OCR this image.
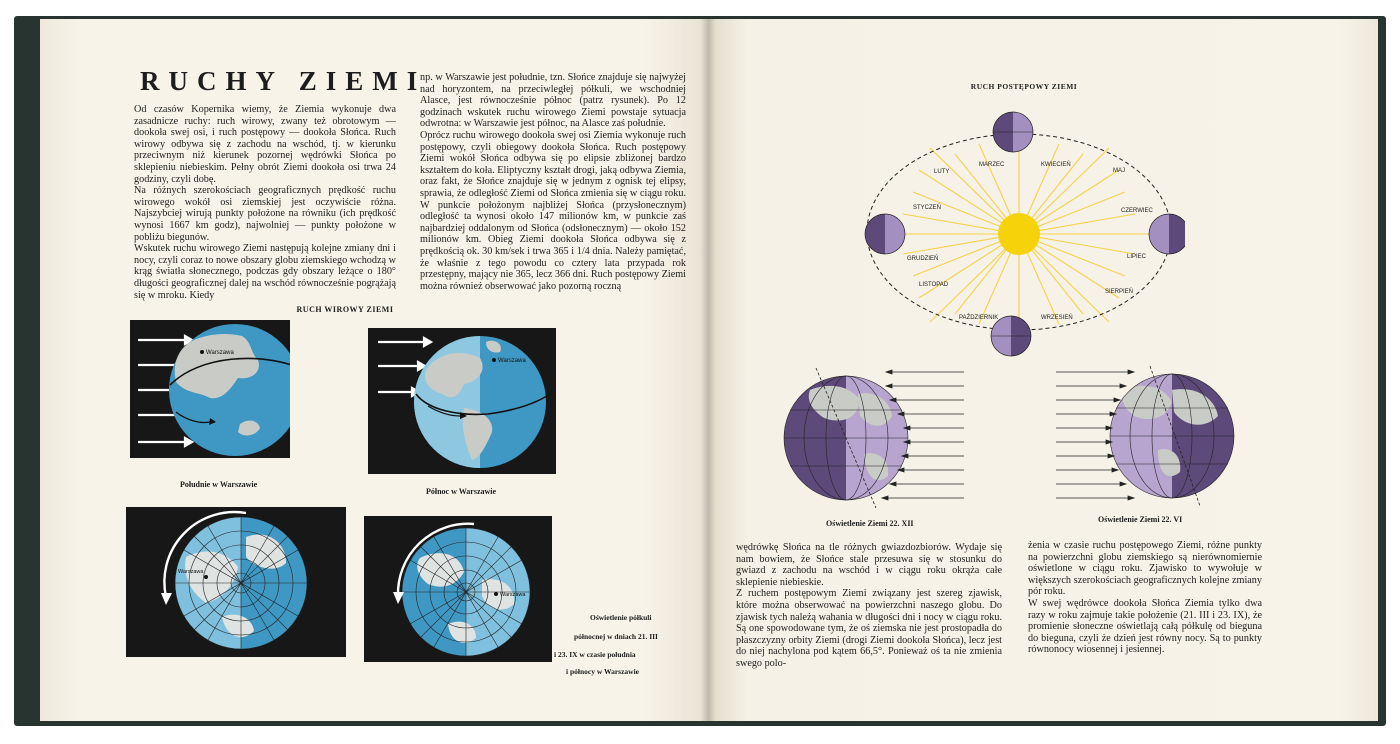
RUCHY ZIEMI
Od czasów Kopernika wiemy, że Ziemia wykonuje dwa zasadnicze ruchy: ruch wirowy, zwany też obrotowym — dookoła swej osi, i ruch postępowy — dookoła Słońca. Ruch wirowy odbywa się z zachodu na wschód, tj. w kierunku przeciwnym niż kierunek pozornej wędrówki Słońca po sklepieniu niebieskim. Pełny obrót Ziemi dookoła osi trwa 24 godziny, czyli dobę.
Na różnych szerokościach geograficznych prędkość ruchu wirowego wokół osi ziemskiej jest oczywiście różna. Najszybciej wirują punkty położone na równiku (ich prędkość wynosi 1667 km godz), najwolniej — punkty położone w pobliżu biegunów.
Wskutek ruchu wirowego Ziemi następują kolejne zmiany dni i nocy, czyli coraz to nowe obszary globu ziemskiego wchodzą w krąg światła słonecznego, podczas gdy obszary leżące o 180° długości geograficznej dalej na wschód równocześnie pogrążają się w mroku. Kiedy
np. w Warszawie jest południe, tzn. Słońce znajduje się najwyżej nad horyzontem, na przeciwległej półkuli, we wschodniej Alasce, jest równocześnie północ (patrz rysunek). Po 12 godzinach wskutek ruchu wirowego Ziemi powstaje sytuacja odwrotna: w Warszawie jest północ, na Alasce zaś południe.
Oprócz ruchu wirowego dookoła swej osi Ziemia wykonuje ruch postępowy, czyli obiegowy dookoła Słońca. Ruch postępowy Ziemi wokół Słońca odbywa się po elipsie zbliżonej bardzo kształtem do koła. Eliptyczny kształt drogi, jaką odbywa Ziemia, oraz fakt, że Słońce znajduje się w jednym z ognisk tej elipsy, sprawia, że odległość Ziemi od Słońca zmienia się w ciągu roku. W punkcie położonym najbliżej Słońca (przysłonecznym) odległość ta wynosi około 147 milionów km, w punkcie zaś najbardziej oddalonym od Słońca (odsłonecznym) — około 152 milionów km. Obieg Ziemi dookoła Słońca odbywa się z prędkością ok. 30 km/sek i trwa 365 i 1/4 dnia. Należy pamiętać, że właśnie z tego powodu co cztery lata przypada rok przestępny, mający nie 365, lecz 366 dni. Ruch postępowy Ziemi można również obserwować jako pozorną roczną
RUCH WIROWY ZIEMI
Warszawa
Południe w Warszawie
Warszawa
Północ w Warszawie
Warszawa
Warszawa
Oświetlenie półkuli
północnej w dniach 21. III
i 23. IX w czasie południa
i północy w Warszawie
RUCH POSTĘPOWY ZIEMI
MARZEC	KWIECIEŃ
LUTY	MAJ
STYCZEŃ	CZERWIEC
GRUDZIEŃ	LIPIEC
LISTOPAD
SIERPIEŃ
PAŹDZIERNIK	WRZESIEŃ
Oświetlenie Ziemi 22. XII	Oświetlenie Ziemi 22. VI
wędrówkę Słońca na tle różnych gwiazdozbiorów. Wydaje się nam bowiem, że Słońce stale przesuwa się w stosunku do gwiazd z zachodu na wschód i w ciągu roku okrąża całe sklepienie niebieskie.
Z ruchem postępowym Ziemi związany jest szereg zjawisk, które można obserwować na powierzchni naszego globu. Do zjawisk tych należą wahania w długości dni i nocy w ciągu roku. Są one spowodowane tym, że oś ziemska nie jest prostopadła do płaszczyzny orbity Ziemi (drogi Ziemi dookoła Słońca), lecz jest do niej nachylona pod kątem 66,5°. Ponieważ oś ta nie zmienia swego polo-
żenia w czasie ruchu postępowego Ziemi, różne punkty na powierzchni globu ziemskiego są nierównomiernie oświetlone w ciągu roku. Zjawisko to wywołuje w większych szerokościach geograficznych kolejne zmiany pór roku.
W swej wędrówce dookoła Słońca Ziemia tylko dwa razy w roku zajmuje takie położenie (21. III i 23. IX), że promienie słoneczne oświetlają całą półkulę od bieguna do bieguna, czyli że dzień jest równy nocy. Są to punkty równonocy wiosennej i jesiennej.
